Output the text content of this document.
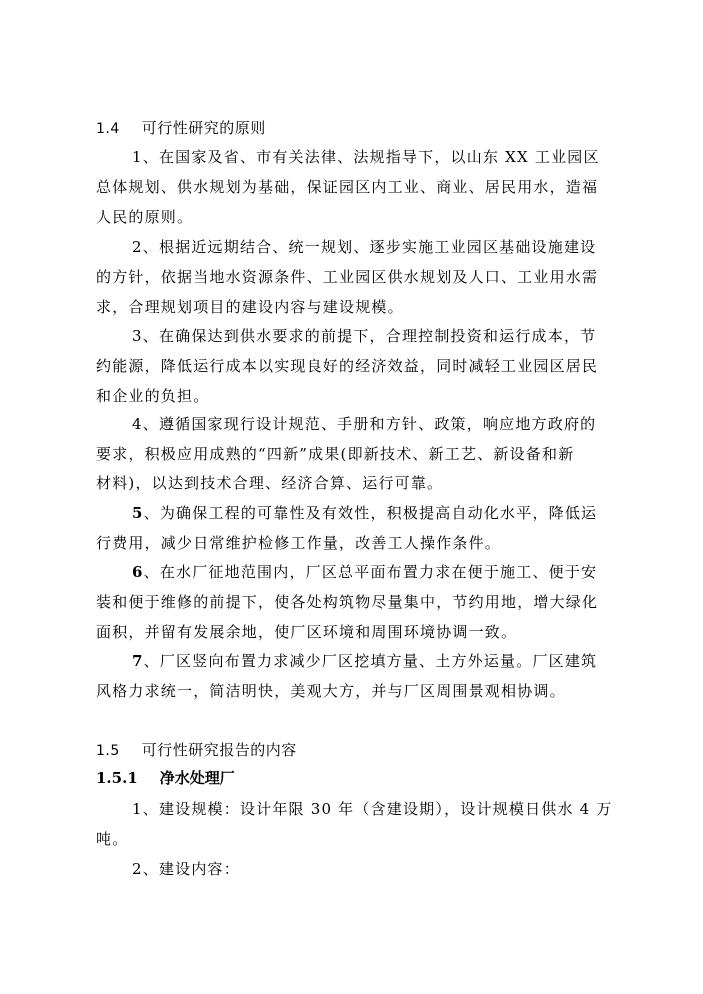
1.4 可行性研究的原则
1、在国家及省、市有关法律、法规指导下，以山东 XX 工业园区
总体规划、供水规划为基础，保证园区内工业、商业、居民用水，造福
人民的原则。
2、根据近远期结合、统一规划、逐步实施工业园区基础设施建设
的方针，依据当地水资源条件、工业园区供水规划及人口、工业用水需
求，合理规划项目的建设内容与建设规模。
3、在确保达到供水要求的前提下，合理控制投资和运行成本，节
约能源，降低运行成本以实现良好的经济效益，同时减轻工业园区居民
和企业的负担。
4、遵循国家现行设计规范、手册和方针、政策，响应地方政府的
要求，积极应用成熟的“四新”成果(即新技术、新工艺、新设备和新
材料)，以达到技术合理、经济合算、运行可靠。
5、为确保工程的可靠性及有效性，积极提高自动化水平，降低运
行费用，减少日常维护检修工作量，改善工人操作条件。
6、在水厂征地范围内，厂区总平面布置力求在便于施工、便于安
装和便于维修的前提下，使各处构筑物尽量集中，节约用地，增大绿化
面积，并留有发展余地，使厂区环境和周围环境协调一致。
7、厂区竖向布置力求减少厂区挖填方量、土方外运量。厂区建筑
风格力求统一，简洁明快，美观大方，并与厂区周围景观相协调。
1.5 可行性研究报告的内容
1.5.1 净水处理厂
1、建设规模：设计年限 30 年（含建设期），设计规模日供水 4 万
吨。
2、建设内容：
